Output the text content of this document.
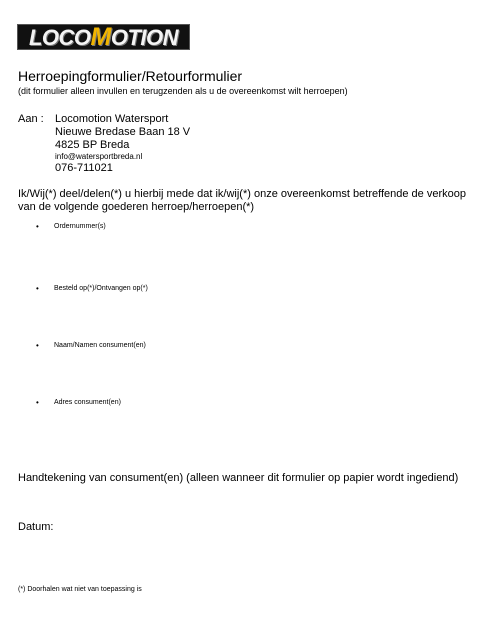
LOCOMOTION
Herroepingformulier/Retourformulier
(dit formulier alleen invullen en terugzenden als u de overeenkomst wilt herroepen)
Aan : Locomotion Watersport
Nieuwe Bredase Baan 18 V
4825 BP Breda
info@watersportbreda.nl
076-711021
Ik/Wij(*) deel/delen(*) u hierbij mede dat ik/wij(*) onze overeenkomst betreffende de verkoop van de volgende goederen herroep/herroepen(*)
•	Ordernummer(s)
•	Besteld op(*)/Ontvangen op(*)
•	Naam/Namen consument(en)
•	Adres consument(en)
Handtekening van consument(en) (alleen wanneer dit formulier op papier wordt ingediend)
Datum:
(*) Doorhalen wat niet van toepassing is
